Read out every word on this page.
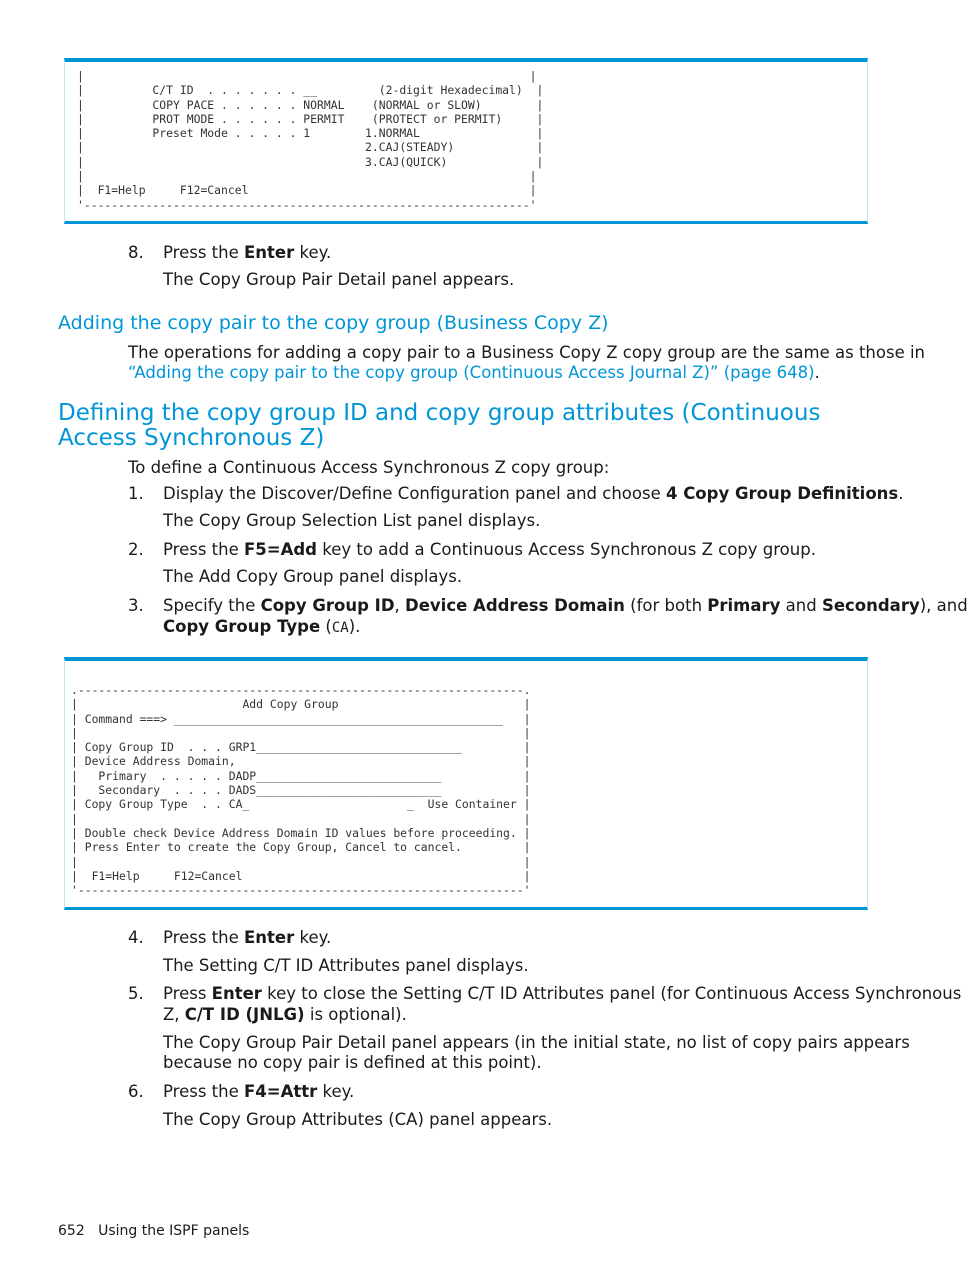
|                                                                 |
|          C/T ID  . . . . . . . __         (2-digit Hexadecimal)  |
|          COPY PACE . . . . . . NORMAL    (NORMAL or SLOW)        |
|          PROT MODE . . . . . . PERMIT    (PROTECT or PERMIT)     |
|          Preset Mode . . . . . 1        1.NORMAL                 |
|                                         2.CAJ(STEADY)            |
|                                         3.CAJ(QUICK)             |
|                                                                 |
|  F1=Help     F12=Cancel                                         |
'-----------------------------------------------------------------'
8. Press the Enter key.
The Copy Group Pair Detail panel appears.
Adding the copy pair to the copy group (Business Copy Z)
The operations for adding a copy pair to a Business Copy Z copy group are the same as those in
“Adding the copy pair to the copy group (Continuous Access Journal Z)” (page 648).
Defining the copy group ID and copy group attributes (Continuous Access Synchronous Z)
To define a Continuous Access Synchronous Z copy group:
1. Display the Discover/Define Configuration panel and choose 4 Copy Group Definitions.
The Copy Group Selection List panel displays.
2. Press the F5=Add key to add a Continuous Access Synchronous Z copy group.
The Add Copy Group panel displays.
3. Specify the Copy Group ID, Device Address Domain (for both Primary and Secondary), and
Copy Group Type (CA).
.-----------------------------------------------------------------.
|                        Add Copy Group                           |
| Command ===> ________________________________________________   |
|                                                                 |
| Copy Group ID  . . . GRP1______________________________         |
| Device Address Domain,                                          |
|   Primary  . . . . . DADP___________________________            |
|   Secondary  . . . . DADS___________________________            |
| Copy Group Type  . . CA_                       _  Use Container |
|                                                                 |
| Double check Device Address Domain ID values before proceeding. |
| Press Enter to create the Copy Group, Cancel to cancel.         |
|                                                                 |
|  F1=Help     F12=Cancel                                         |
'-----------------------------------------------------------------'
4. Press the Enter key.
The Setting C/T ID Attributes panel displays.
5. Press Enter key to close the Setting C/T ID Attributes panel (for Continuous Access Synchronous
Z, C/T ID (JNLG) is optional).
The Copy Group Pair Detail panel appears (in the initial state, no list of copy pairs appears
because no copy pair is defined at this point).
6. Press the F4=Attr key.
The Copy Group Attributes (CA) panel appears.
652 Using the ISPF panels
